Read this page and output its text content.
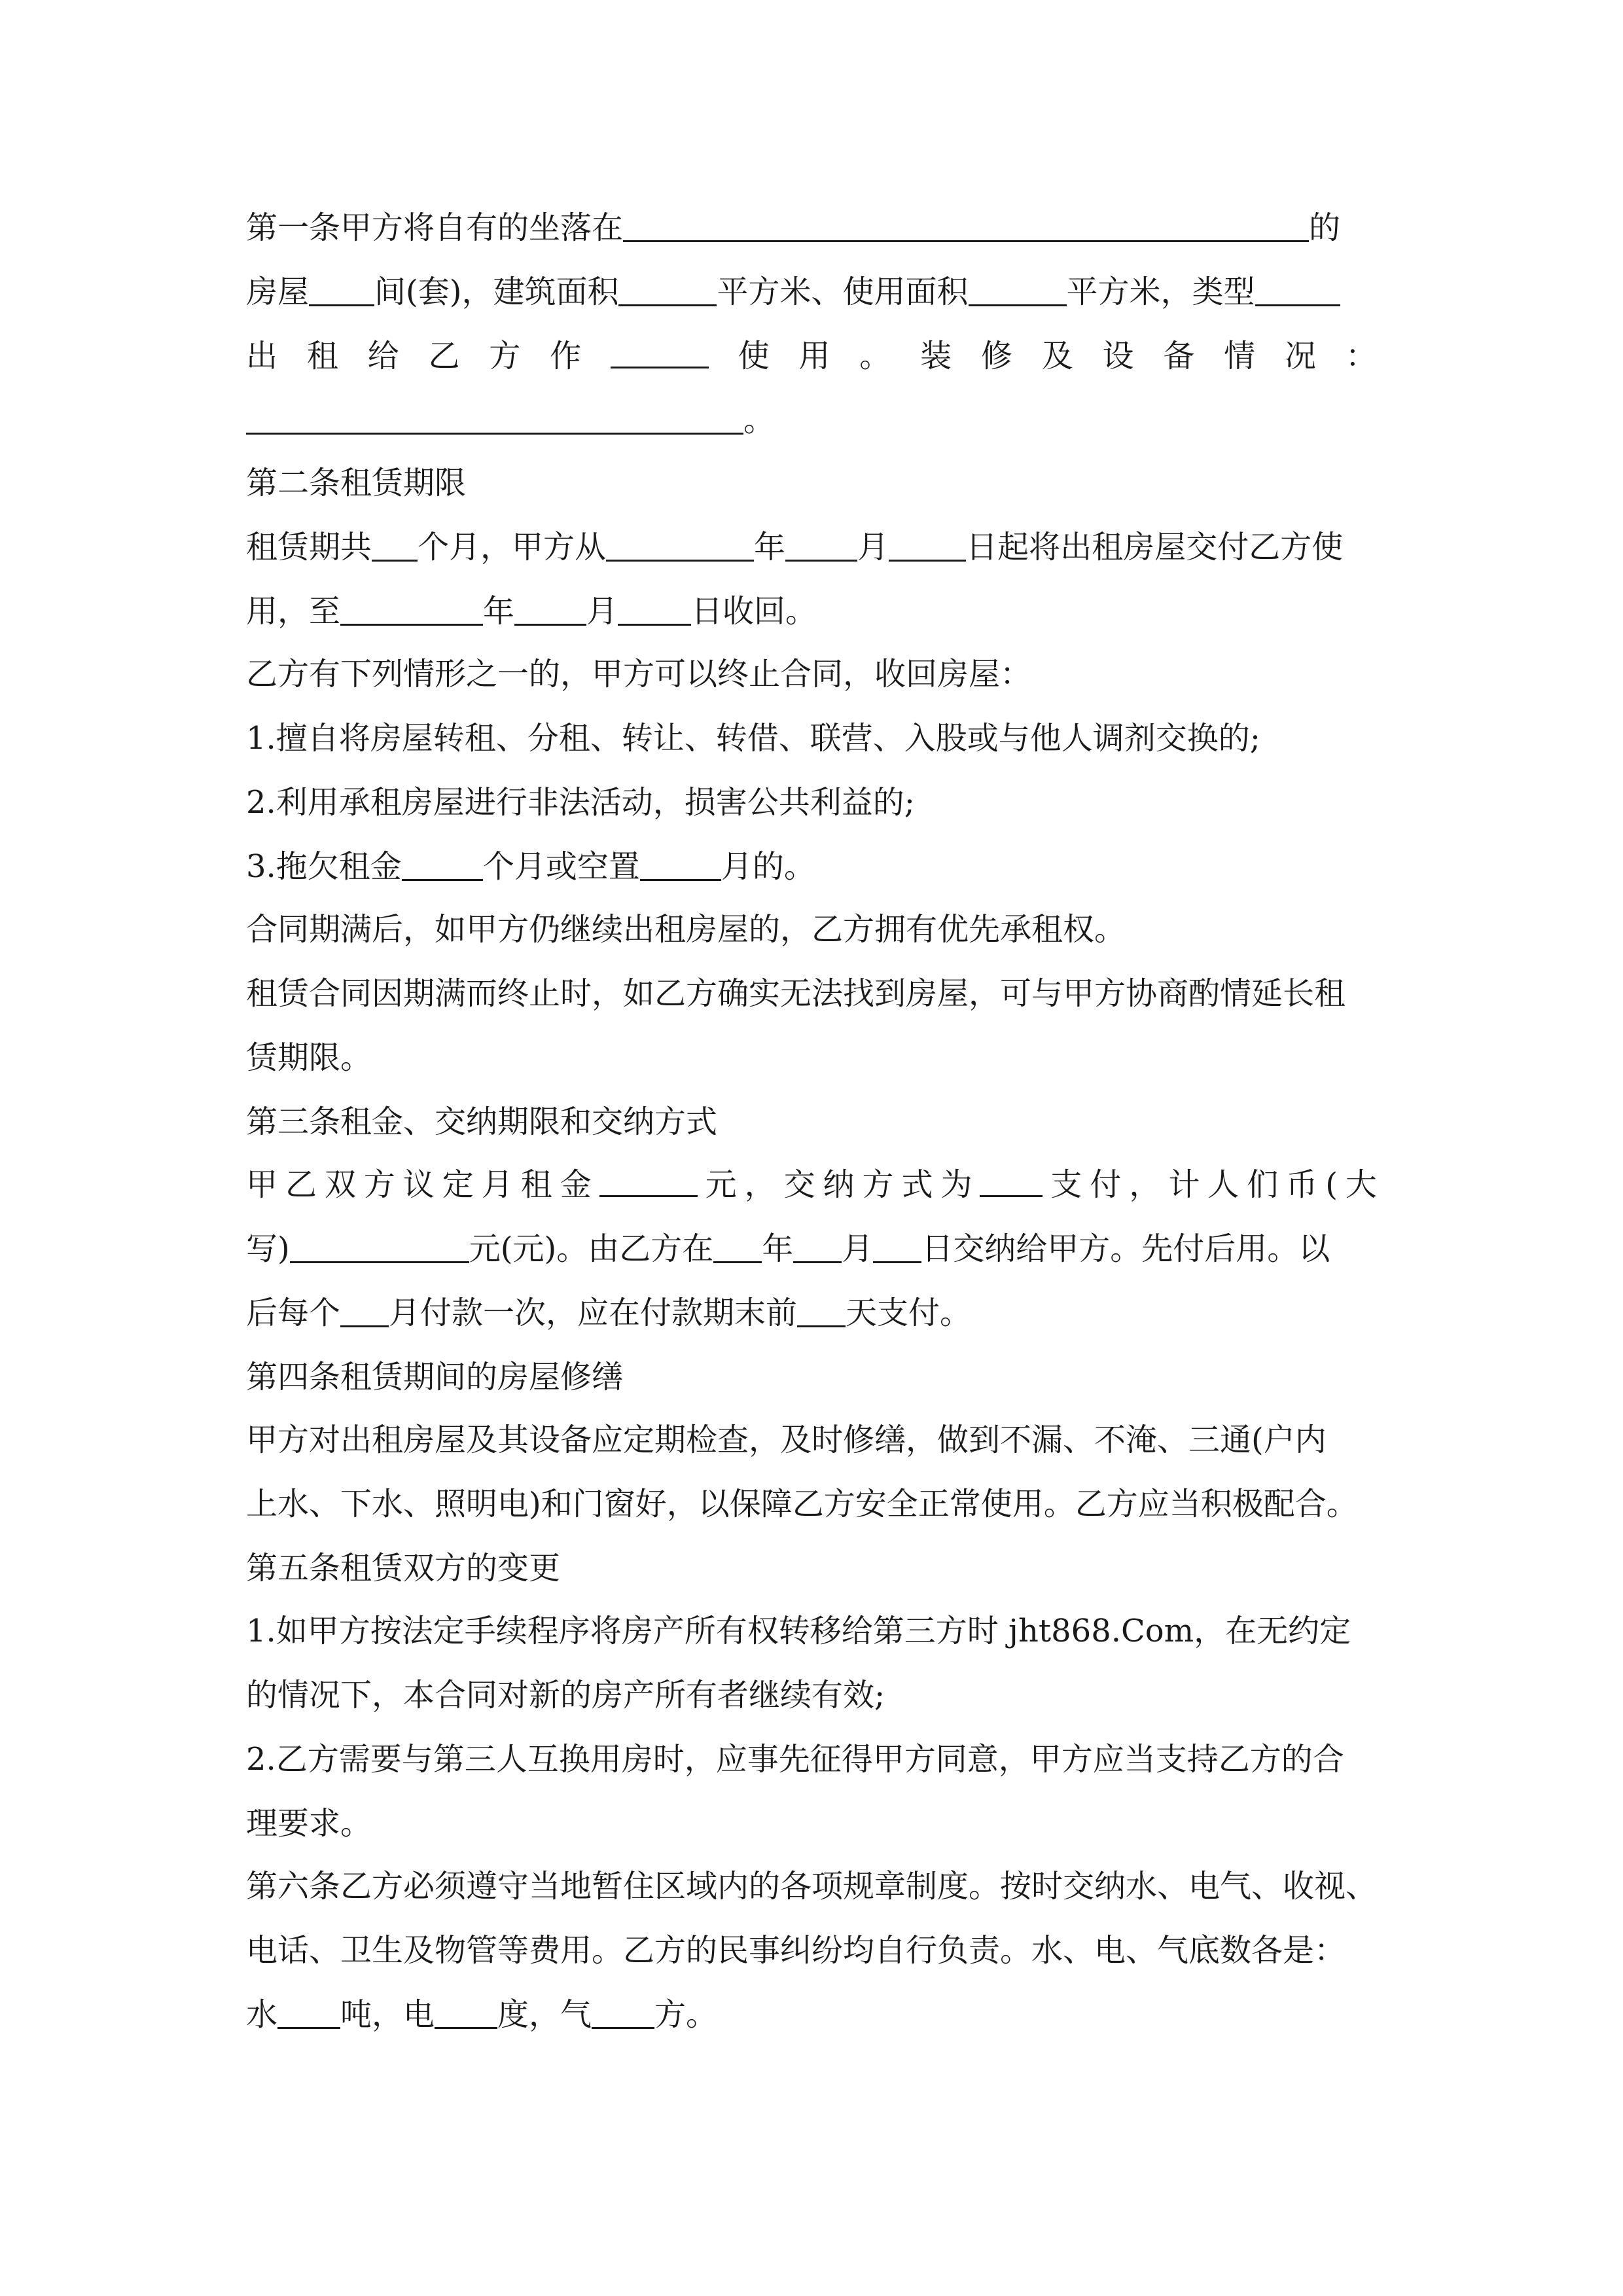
第一条甲方将自有的坐落在	的
房屋 间(套)，建筑面积	平方米、使用面积	平方米，类型
出 租 给 乙 方 作	使 用 。 装 修 及 设 备 情 况 ：
。
第二条租赁期限
租赁期共 个月，甲方从	年 月 日起将出租房屋交付乙方使
用，至	年 月 日收回。
乙方有下列情形之一的，甲方可以终止合同，收回房屋：
1.擅自将房屋转租、分租、转让、转借、联营、入股或与他人调剂交换的;
2.利用承租房屋进行非法活动，损害公共利益的;
3.拖欠租金	个月或空置	月的。
合同期满后，如甲方仍继续出租房屋的，乙方拥有优先承租权。
租赁合同因期满而终止时，如乙方确实无法找到房屋，可与甲方协商酌情延长租
赁期限。
第三条租金、交纳期限和交纳方式
甲 乙 双 方 议 定 月 租 金	元 ， 交 纳 方 式 为 支 付 ， 计 人 们 币 ( 大
写)	元(元)。由乙方在 年 月 日交纳给甲方。先付后用。以
后每个 月付款一次，应在付款期末前 天支付。
第四条租赁期间的房屋修缮
甲方对出租房屋及其设备应定期检查，及时修缮，做到不漏、不淹、三通(户内
上水、下水、照明电)和门窗好，以保障乙方安全正常使用。乙方应当积极配合。
第五条租赁双方的变更
1.如甲方按法定手续程序将房产所有权转移给第三方时 jht868.Com，在无约定
的情况下，本合同对新的房产所有者继续有效;
2.乙方需要与第三人互换用房时，应事先征得甲方同意，甲方应当支持乙方的合
理要求。
第六条乙方必须遵守当地暂住区域内的各项规章制度。按时交纳水、电气、收视、
电话、卫生及物管等费用。乙方的民事纠纷均自行负责。水、电、气底数各是：
水 吨，电 度，气 方。
